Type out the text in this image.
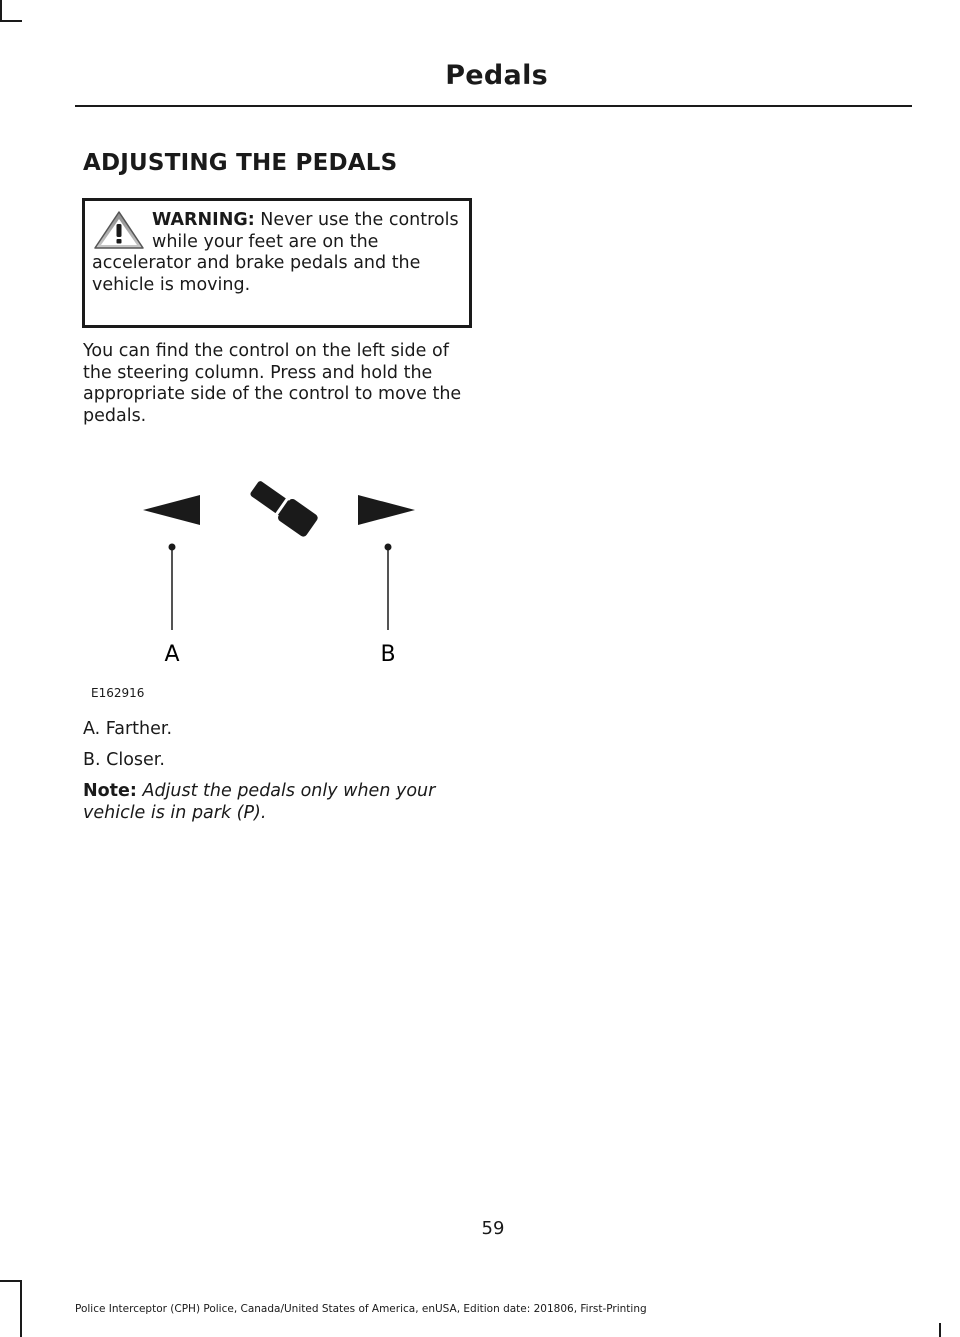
Pedals
ADJUSTING THE PEDALS
WARNING: Never use the controls while your feet are on the accelerator and brake pedals and the vehicle is moving.

You can find the control on the left side of the steering column. Press and hold the appropriate side of the control to move the pedals.

A	B

E162916

A. Farther.

B. Closer.

Note: Adjust the pedals only when your vehicle is in park (P).

59

Police Interceptor (CPH) Police, Canada/United States of America, enUSA, Edition date: 201806, First-Printing
